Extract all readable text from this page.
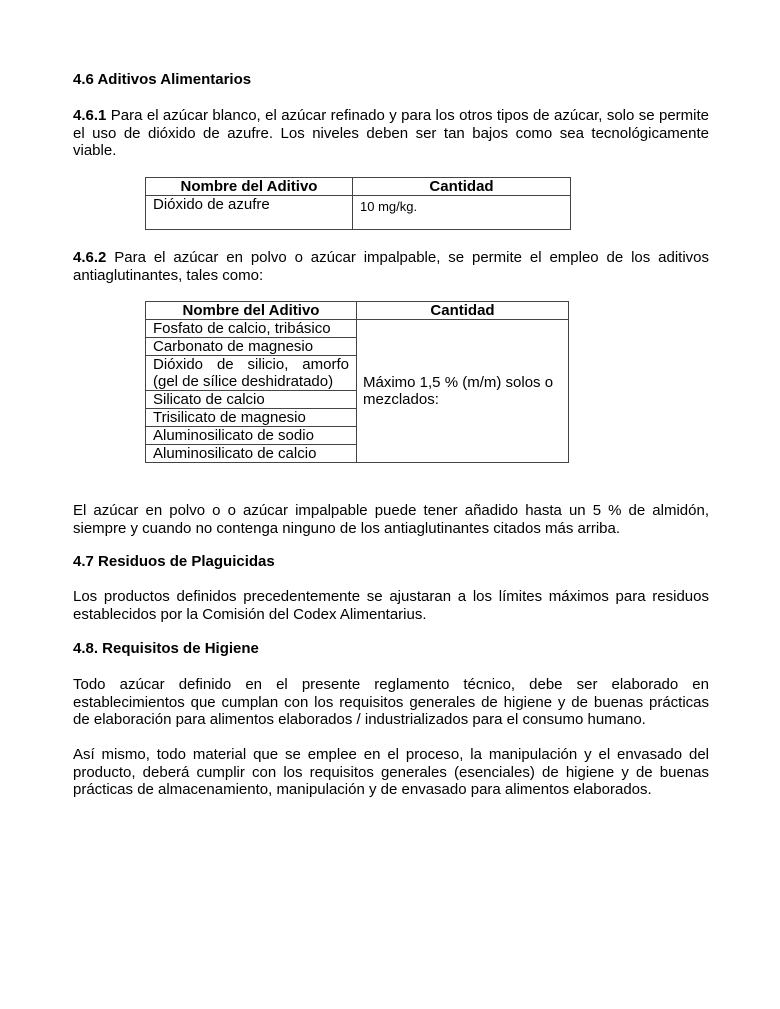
4.6 Aditivos Alimentarios

4.6.1 Para el azúcar blanco, el azúcar refinado y para los otros tipos de azúcar, solo se permite el uso de dióxido de azufre. Los niveles deben ser tan bajos como sea tecnológicamente viable.

Nombre del Aditivo	Cantidad
Dióxido de azufre	10 mg/kg.

4.6.2 Para el azúcar en polvo o azúcar impalpable, se permite el empleo de los aditivos antiaglutinantes, tales como:

Nombre del Aditivo	Cantidad
Fosfato de calcio, tribásico	Máximo 1,5 % (m/m) solos o mezclados:
Carbonato de magnesio	

Dióxido de silicio, amorfo
(gel de sílice deshidratado)	

Silicato de calcio	
Trisilicato de magnesio	
Aluminosilicato de sodio	
Aluminosilicato de calcio	

El azúcar en polvo o o azúcar impalpable puede tener añadido hasta un 5 % de almidón, siempre y cuando no contenga ninguno de los antiaglutinantes citados más arriba.

4.7 Residuos de Plaguicidas

Los productos definidos precedentemente se ajustaran a los límites máximos para residuos establecidos por la Comisión del Codex Alimentarius.

4.8. Requisitos de Higiene

Todo azúcar definido en el presente reglamento técnico, debe ser elaborado en establecimientos que cumplan con los requisitos generales de higiene y de buenas prácticas de elaboración para alimentos elaborados / industrializados para el consumo humano.

Así mismo, todo material que se emplee en el proceso, la manipulación y el envasado del producto, deberá cumplir con los requisitos generales (esenciales) de higiene y de buenas prácticas de almacenamiento, manipulación y de envasado para alimentos elaborados.
